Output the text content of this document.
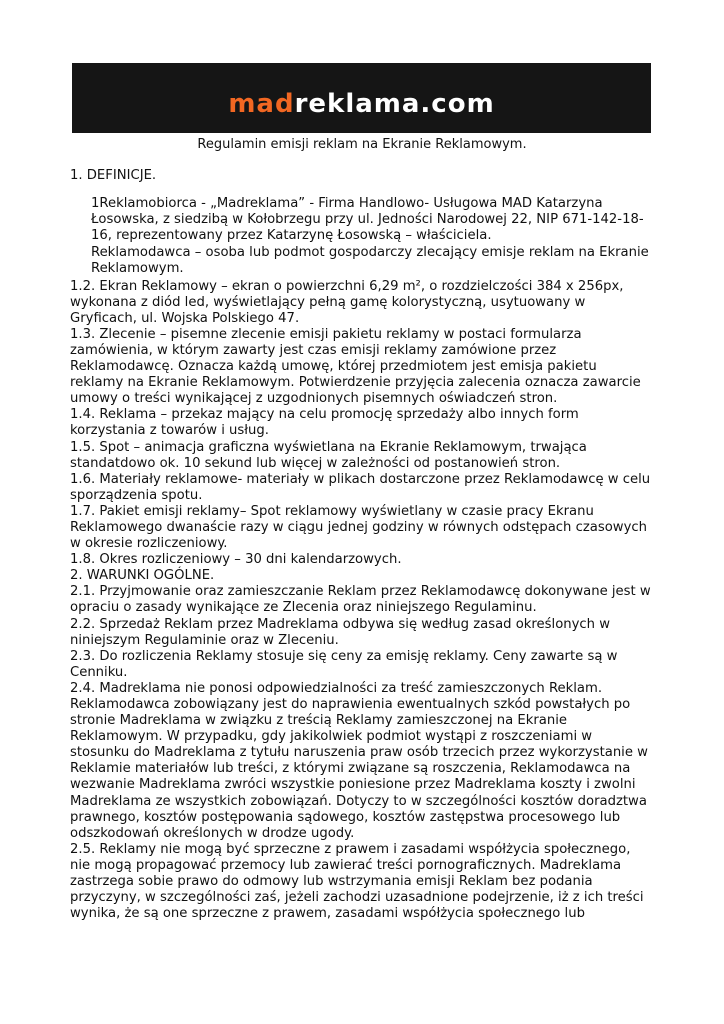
madreklama.com
Regulamin emisji reklam na Ekranie Reklamowym.

1. DEFINICJE.

1Reklamobiorca - „Madreklama” - Firma Handlowo- Usługowa MAD Katarzyna Łosowska, z siedzibą w Kołobrzegu przy ul. Jedności Narodowej 22, NIP 671-142-18-16, reprezentowany przez Katarzynę Łosowską – właściciela.

Reklamodawca – osoba lub podmot gospodarczy zlecający emisje reklam na Ekranie Reklamowym.

1.2. Ekran Reklamowy – ekran o powierzchni 6,29 m², o rozdzielczości 384 x 256px, wykonana z diód led, wyświetlający pełną gamę kolorystyczną, usytuowany w Gryficach, ul. Wojska Polskiego 47.

1.3. Zlecenie – pisemne zlecenie emisji pakietu reklamy w postaci formularza zamówienia, w którym zawarty jest czas emisji reklamy zamówione przez Reklamodawcę. Oznacza każdą umowę, której przedmiotem jest emisja pakietu reklamy na Ekranie Reklamowym. Potwierdzenie przyjęcia zalecenia oznacza zawarcie umowy o treści wynikającej z uzgodnionych pisemnych oświadczeń stron.

1.4. Reklama – przekaz mający na celu promocję sprzedaży albo innych form korzystania z towarów i usług.

1.5. Spot – animacja graficzna wyświetlana na Ekranie Reklamowym, trwająca standatdowo ok. 10 sekund lub więcej w zależności od postanowień stron.

1.6. Materiały reklamowe- materiały w plikach dostarczone przez Reklamodawcę w celu sporządzenia spotu.

1.7. Pakiet emisji reklamy– Spot reklamowy wyświetlany w czasie pracy Ekranu Reklamowego dwanaście razy w ciągu jednej godziny w równych odstępach czasowych w okresie rozliczeniowy.

1.8. Okres rozliczeniowy – 30 dni kalendarzowych.

2. WARUNKI OGÓLNE.

2.1. Przyjmowanie oraz zamieszczanie Reklam przez Reklamodawcę dokonywane jest w opraciu o zasady wynikające ze Zlecenia oraz niniejszego Regulaminu.

2.2. Sprzedaż Reklam przez Madreklama odbywa się według zasad określonych w niniejszym Regulaminie oraz w Zleceniu.

2.3. Do rozliczenia Reklamy stosuje się ceny za emisję reklamy. Ceny zawarte są w Cenniku.

2.4. Madreklama nie ponosi odpowiedzialności za treść zamieszczonych Reklam. Reklamodawca zobowiązany jest do naprawienia ewentualnych szkód powstałych po stronie Madreklama w związku z treścią Reklamy zamieszczonej na Ekranie Reklamowym. W przypadku, gdy jakikolwiek podmiot wystąpi z roszczeniami w stosunku do Madreklama z tytułu naruszenia praw osób trzecich przez wykorzystanie w Reklamie materiałów lub treści, z którymi związane są roszczenia, Reklamodawca na wezwanie Madreklama zwróci wszystkie poniesione przez Madreklama koszty i zwolni Madreklama ze wszystkich zobowiązań. Dotyczy to w szczególności kosztów doradztwa prawnego, kosztów postępowania sądowego, kosztów zastępstwa procesowego lub odszkodowań określonych w drodze ugody.

2.5. Reklamy nie mogą być sprzeczne z prawem i zasadami współżycia społecznego, nie mogą propagować przemocy lub zawierać treści pornograficznych. Madreklama zastrzega sobie prawo do odmowy lub wstrzymania emisji Reklam bez podania przyczyny, w szczególności zaś, jeżeli zachodzi uzasadnione podejrzenie, iż z ich treści wynika, że są one sprzeczne z prawem, zasadami współżycia społecznego lub
